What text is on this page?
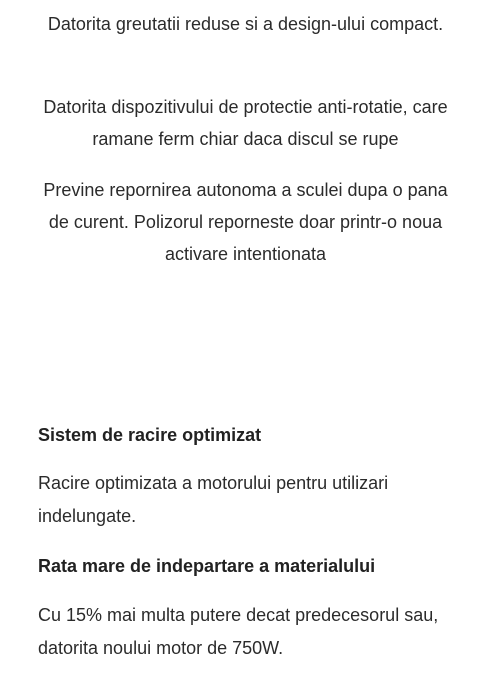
Datorita greutatii reduse si a design-ului compact.

Datorita dispozitivului de protectie anti-rotatie, care ramane ferm chiar daca discul se rupe

Previne repornirea autonoma a sculei dupa o pana de curent. Polizorul reporneste doar printr-o noua activare intentionata

Sistem de racire optimizat

Racire optimizata a motorului pentru utilizari indelungate.

Rata mare de indepartare a materialului

Cu 15% mai multa putere decat predecesorul sau, datorita noului motor de 750W.
